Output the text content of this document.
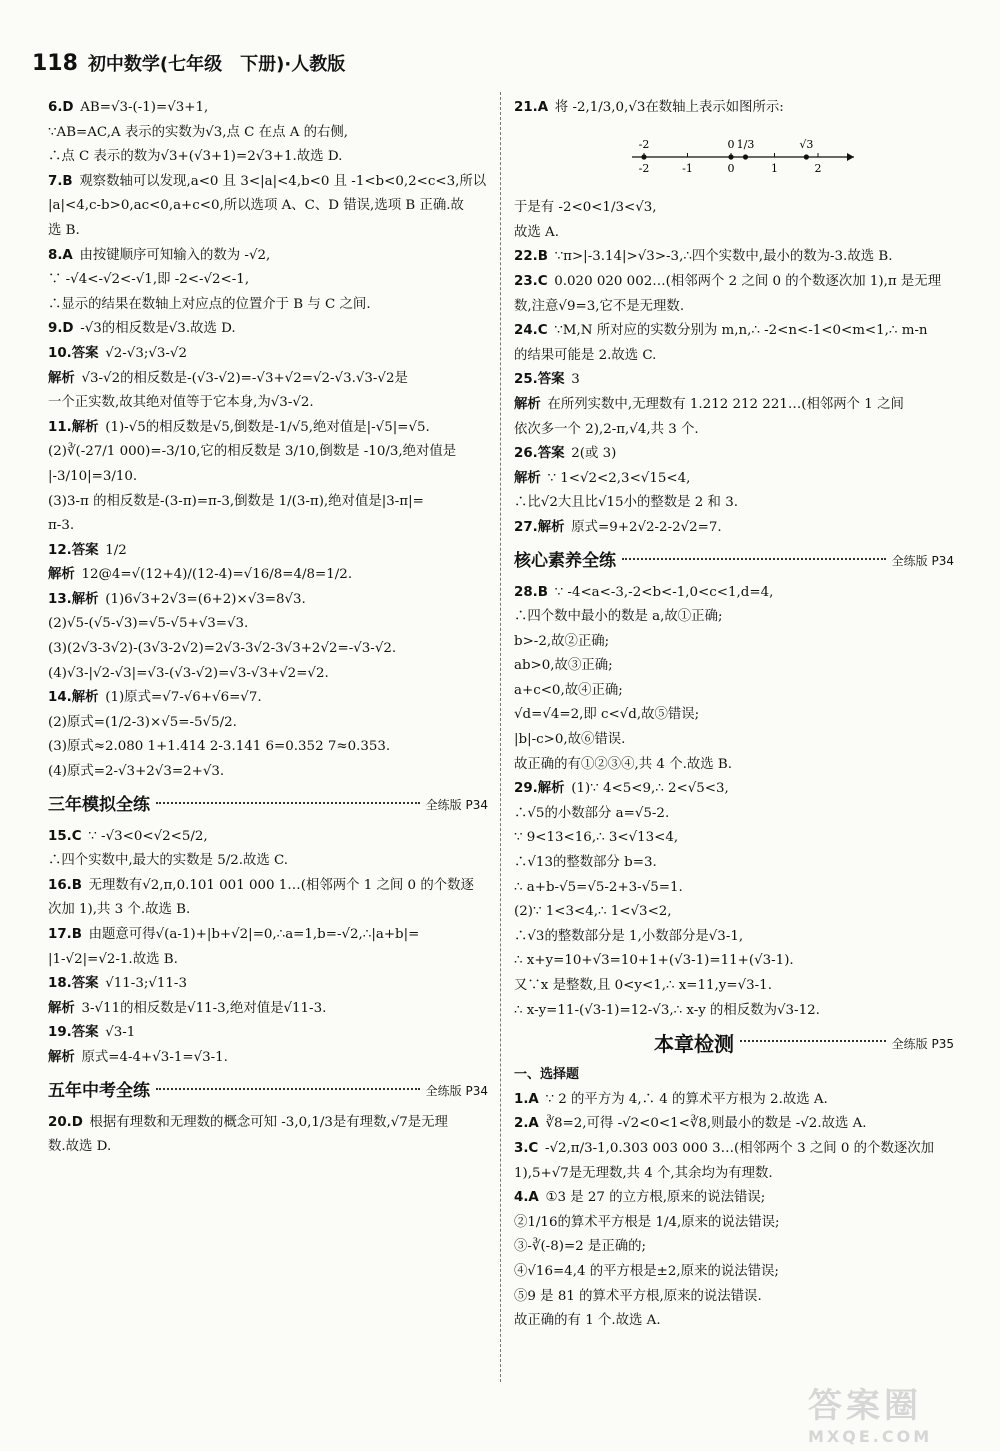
118 初中数学(七年级　下册)·人教版
6.D  AB=√3-(-1)=√3+1,
∵AB=AC,A 表示的实数为√3,点 C 在点 A 的右侧,
∴点 C 表示的数为√3+(√3+1)=2√3+1.故选 D.
7.B  观察数轴可以发现,a<0 且 3<|a|<4,b<0 且 -1<b<0,2<c<3,所以
|a|<4,c-b>0,ac<0,a+c<0,所以选项 A、C、D 错误,选项 B 正确.故
选 B.
8.A  由按键顺序可知输入的数为 -√2,
∵ -√4<-√2<-√1,即 -2<-√2<-1,
∴显示的结果在数轴上对应点的位置介于 B 与 C 之间.
9.D  -√3的相反数是√3.故选 D.
10.答案  √2-√3;√3-√2
解析  √3-√2的相反数是-(√3-√2)=-√3+√2=√2-√3.√3-√2是
一个正实数,故其绝对值等于它本身,为√3-√2.
11.解析  (1)-√5的相反数是√5,倒数是-1/√5,绝对值是|-√5|=√5.
(2)∛(-27/1 000)=-3/10,它的相反数是 3/10,倒数是 -10/3,绝对值是
|-3/10|=3/10.
(3)3-π 的相反数是-(3-π)=π-3,倒数是 1/(3-π),绝对值是|3-π|=
π-3.
12.答案  1/2
解析  12@4=√(12+4)/(12-4)=√16/8=4/8=1/2.
13.解析  (1)6√3+2√3=(6+2)×√3=8√3.
(2)√5-(√5-√3)=√5-√5+√3=√3.
(3)(2√3-3√2)-(3√3-2√2)=2√3-3√2-3√3+2√2=-√3-√2.
(4)√3-|√2-√3|=√3-(√3-√2)=√3-√3+√2=√2.
14.解析  (1)原式=√7-√6+√6=√7.
(2)原式=(1/2-3)×√5=-5√5/2.
(3)原式≈2.080 1+1.414 2-3.141 6=0.352 7≈0.353.
(4)原式=2-√3+2√3=2+√3.
三年模拟全练	全练版 P34
15.C  ∵ -√3<0<√2<5/2,
∴四个实数中,最大的实数是 5/2.故选 C.
16.B  无理数有√2,π,0.101 001 000 1…(相邻两个 1 之间 0 的个数逐
次加 1),共 3 个.故选 B.
17.B  由题意可得√(a-1)+|b+√2|=0,∴a=1,b=-√2,∴|a+b|=
|1-√2|=√2-1.故选 B.
18.答案  √11-3;√11-3
解析  3-√11的相反数是√11-3,绝对值是√11-3.
19.答案  √3-1
解析  原式=4-4+√3-1=√3-1.
五年中考全练	全练版 P34
20.D  根据有理数和无理数的概念可知 -3,0,1/3是有理数,√7是无理
数.故选 D.
21.A  将 -2,1/3,0,√3在数轴上表示如图所示:
-2	-1	0	1	2
-2	0 1/3	√3
于是有 -2<0<1/3<√3,
故选 A.
22.B  ∵π>|-3.14|>√3>-3,∴四个实数中,最小的数为-3.故选 B.
23.C  0.020 020 002…(相邻两个 2 之间 0 的个数逐次加 1),π 是无理
数,注意√9=3,它不是无理数.
24.C  ∵M,N 所对应的实数分别为 m,n,∴ -2<n<-1<0<m<1,∴ m-n
的结果可能是 2.故选 C.
25.答案  3
解析  在所列实数中,无理数有 1.212 212 221…(相邻两个 1 之间
依次多一个 2),2-π,√4,共 3 个.
26.答案  2(或 3)
解析  ∵ 1<√2<2,3<√15<4,
∴比√2大且比√15小的整数是 2 和 3.
27.解析  原式=9+2√2-2-2√2=7.
核心素养全练	全练版 P34
28.B  ∵ -4<a<-3,-2<b<-1,0<c<1,d=4,
∴四个数中最小的数是 a,故①正确;
b>-2,故②正确;
ab>0,故③正确;
a+c<0,故④正确;
√d=√4=2,即 c<√d,故⑤错误;
|b|-c>0,故⑥错误.
故正确的有①②③④,共 4 个.故选 B.
29.解析  (1)∵ 4<5<9,∴ 2<√5<3,
∴√5的小数部分 a=√5-2.
∵ 9<13<16,∴ 3<√13<4,
∴√13的整数部分 b=3.
∴ a+b-√5=√5-2+3-√5=1.
(2)∵ 1<3<4,∴ 1<√3<2,
∴√3的整数部分是 1,小数部分是√3-1,
∴ x+y=10+√3=10+1+(√3-1)=11+(√3-1).
又∵x 是整数,且 0<y<1,∴ x=11,y=√3-1.
∴ x-y=11-(√3-1)=12-√3,∴ x-y 的相反数为√3-12.
本章检测	全练版 P35
一、选择题
1.A  ∵ 2 的平方为 4,∴ 4 的算术平方根为 2.故选 A.
2.A  ∛8=2,可得 -√2<0<1<∛8,则最小的数是 -√2.故选 A.
3.C  -√2,π/3-1,0.303 003 000 3…(相邻两个 3 之间 0 的个数逐次加
1),5+√7是无理数,共 4 个,其余均为有理数.
4.A  ①3 是 27 的立方根,原来的说法错误;
②1/16的算术平方根是 1/4,原来的说法错误;
③-∛(-8)=2 是正确的;
④√16=4,4 的平方根是±2,原来的说法错误;
⑤9 是 81 的算术平方根,原来的说法错误.
故正确的有 1 个.故选 A.
答案圈
MXQE.COM
